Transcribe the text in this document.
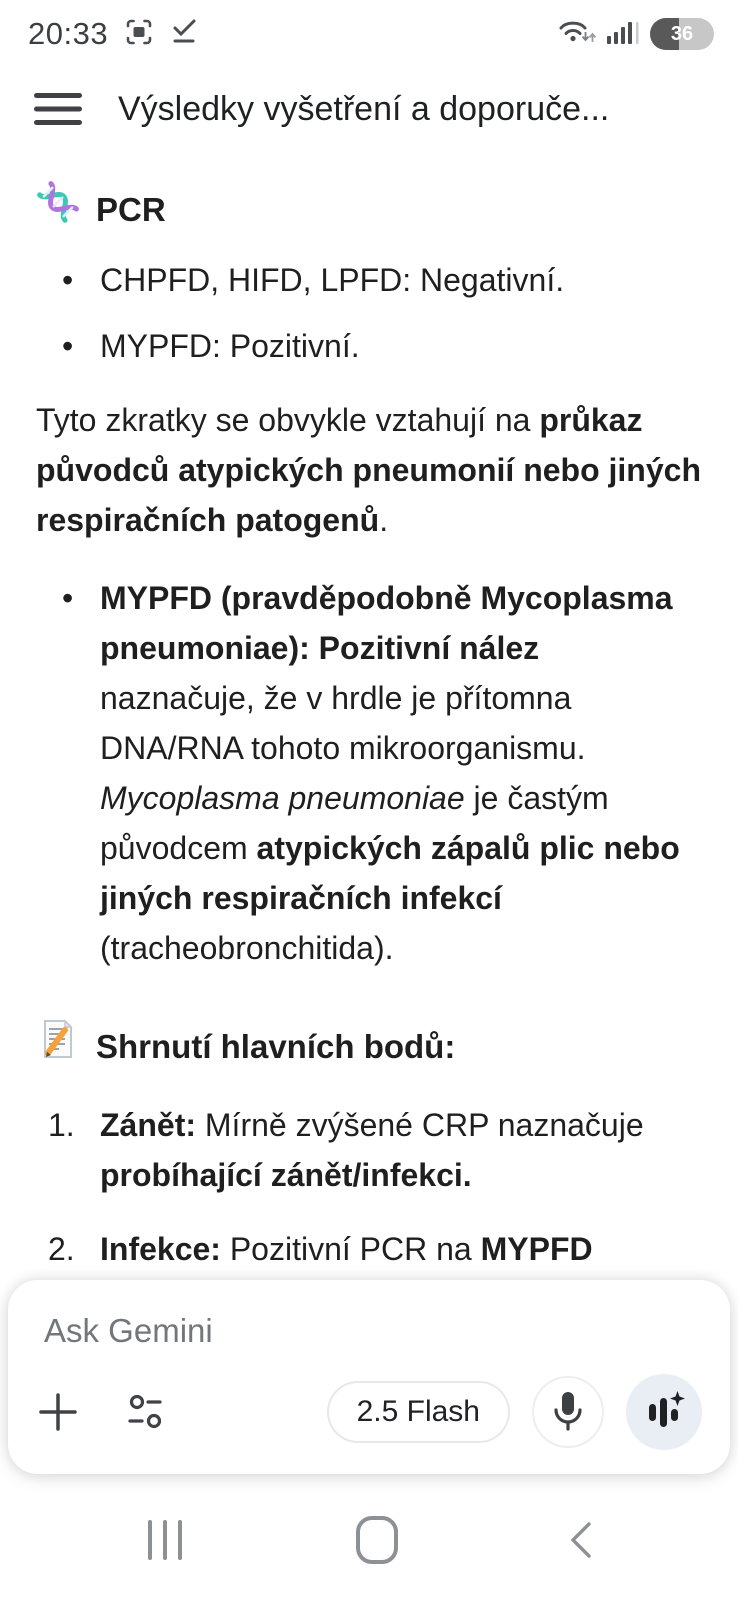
20:33	36
Výsledky vyšetření a doporuče...	A
PCR
• CHPFD, HIFD, LPFD: Negativní.
• MYPFD: Pozitivní.

Tyto zkratky se obvykle vztahují na průkaz původců atypických pneumonií nebo jiných respiračních patogenů.

• MYPFD (pravděpodobně Mycoplasma pneumoniae): Pozitivní nález naznačuje, že v hrdle je přítomna DNA/RNA tohoto mikroorganismu. Mycoplasma pneumoniae je častým původcem atypických zápalů plic nebo jiných respiračních infekcí (tracheobronchitida).
Shrnutí hlavních bodů:
1. Zánět: Mírně zvýšené CRP naznačuje probíhající zánět/infekci.
2. Infekce: Pozitivní PCR na MYPFD
Ask Gemini
2.5 Flash
